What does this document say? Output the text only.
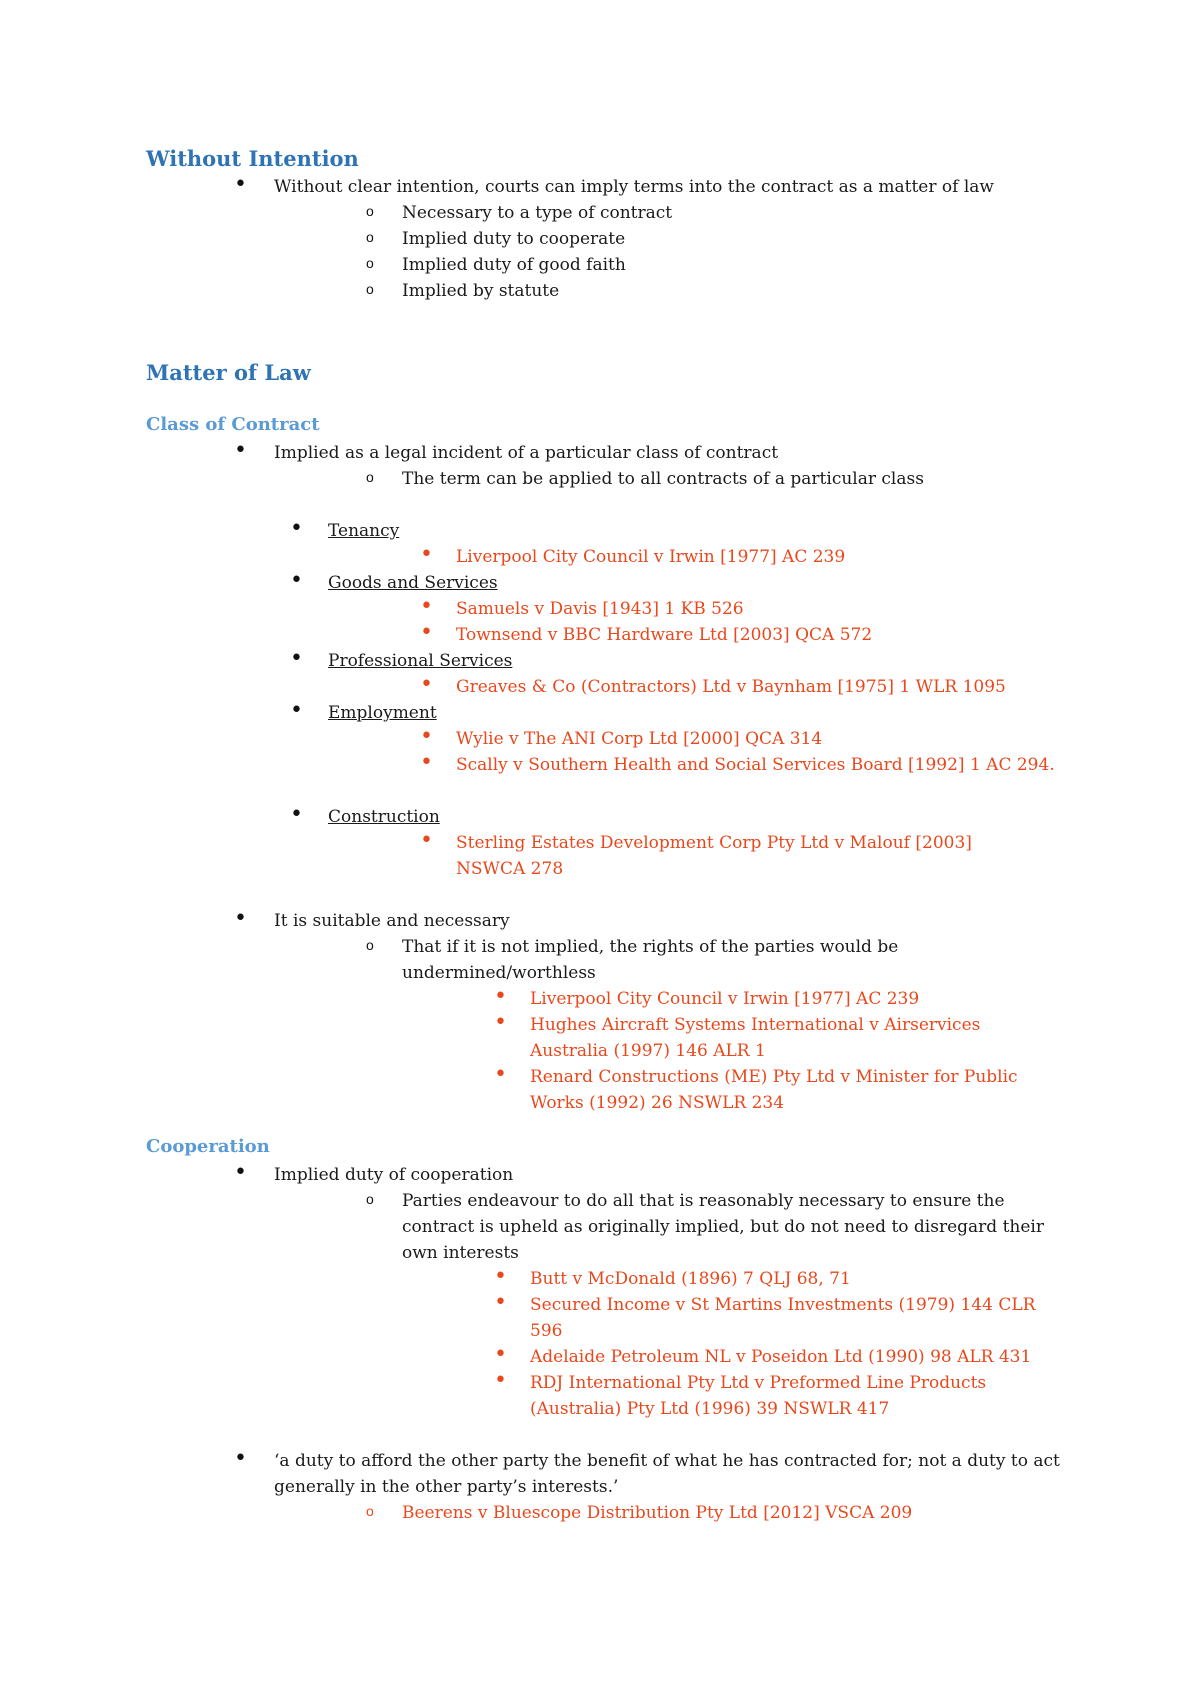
Without Intention
•
Without clear intention, courts can imply terms into the contract as a matter of law
o
Necessary to a type of contract
o
Implied duty to cooperate
o
Implied duty of good faith
o
Implied by statute
Matter of Law
Class of Contract
•
Implied as a legal incident of a particular class of contract
o
The term can be applied to all contracts of a particular class
•
Tenancy
•
Liverpool City Council v Irwin [1977] AC 239
•
Goods and Services
•
Samuels v Davis [1943] 1 KB 526
•
Townsend v BBC Hardware Ltd [2003] QCA 572
•
Professional Services
•
Greaves & Co (Contractors) Ltd v Baynham [1975] 1 WLR 1095
•
Employment
•
Wylie v The ANI Corp Ltd [2000] QCA 314
•
Scally v Southern Health and Social Services Board [1992] 1 AC 294.
•
Construction
•
Sterling Estates Development Corp Pty Ltd v Malouf [2003] NSWCA 278
•
It is suitable and necessary
o
That if it is not implied, the rights of the parties would be undermined/worthless
•
Liverpool City Council v Irwin [1977] AC 239
•
Hughes Aircraft Systems International v Airservices Australia (1997) 146 ALR 1
•
Renard Constructions (ME) Pty Ltd v Minister for Public Works (1992) 26 NSWLR 234
Cooperation
•
Implied duty of cooperation
o
Parties endeavour to do all that is reasonably necessary to ensure the contract is upheld as originally implied, but do not need to disregard their own interests
•
Butt v McDonald (1896) 7 QLJ 68, 71
•
Secured Income v St Martins Investments (1979) 144 CLR 596
•
Adelaide Petroleum NL v Poseidon Ltd (1990) 98 ALR 431
•
RDJ International Pty Ltd v Preformed Line Products (Australia) Pty Ltd (1996) 39 NSWLR 417
•
‘a duty to afford the other party the benefit of what he has contracted for; not a duty to act generally in the other party’s interests.’
o
Beerens v Bluescope Distribution Pty Ltd [2012] VSCA 209
